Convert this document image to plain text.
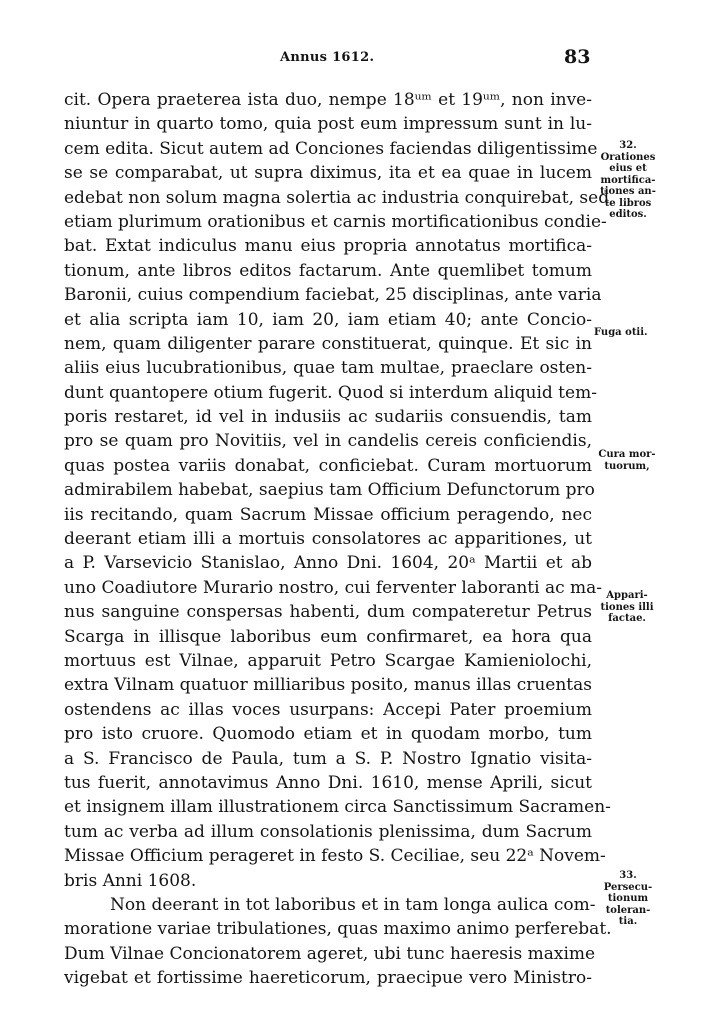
Annus 1612.	83
cit. Opera praeterea ista duo, nempe 18ᵘᵐ et 19ᵘᵐ, non inve-
niuntur in quarto tomo, quia post eum impressum sunt in lu-
cem edita. Sicut autem ad Conciones faciendas diligentissime
se se comparabat, ut supra diximus, ita et ea quae in lucem
edebat non solum magna solertia ac industria conquirebat, sed
etiam plurimum orationibus et carnis mortificationibus condie-
bat. Extat indiculus manu eius propria annotatus mortifica-
tionum, ante libros editos factarum. Ante quemlibet tomum
Baronii, cuius compendium faciebat, 25 disciplinas, ante varia
et alia scripta iam 10, iam 20, iam etiam 40; ante Concio-
nem, quam diligenter parare constituerat, quinque. Et sic in
aliis eius lucubrationibus, quae tam multae, praeclare osten-
dunt quantopere otium fugerit. Quod si interdum aliquid tem-
poris restaret, id vel in indusiis ac sudariis consuendis, tam
pro se quam pro Novitiis, vel in candelis cereis conficiendis,
quas postea variis donabat, conficiebat. Curam mortuorum
admirabilem habebat, saepius tam Officium Defunctorum pro
iis recitando, quam Sacrum Missae officium peragendo, nec
deerant etiam illi a mortuis consolatores ac apparitiones, ut
a P. Varsevicio Stanislao, Anno Dni. 1604, 20ᵃ Martii et ab
uno Coadiutore Murario nostro, cui ferventer laboranti ac ma-
nus sanguine conspersas habenti, dum compateretur Petrus
Scarga in illisque laboribus eum confirmaret, ea hora qua
mortuus est Vilnae, apparuit Petro Scargae Kamieniolochi,
extra Vilnam quatuor milliaribus posito, manus illas cruentas
ostendens ac illas voces usurpans: Accepi Pater proemium
pro isto cruore. Quomodo etiam et in quodam morbo, tum
a S. Francisco de Paula, tum a S. P. Nostro Ignatio visita-
tus fuerit, annotavimus Anno Dni. 1610, mense Aprili, sicut
et insignem illam illustrationem circa Sanctissimum Sacramen-
tum ac verba ad illum consolationis plenissima, dum Sacrum
Missae Officium perageret in festo S. Ceciliae, seu 22ᵃ Novem-
bris Anni 1608.
Non deerant in tot laboribus et in tam longa aulica com-
moratione variae tribulationes, quas maximo animo perferebat.
Dum Vilnae Concionatorem ageret, ubi tunc haeresis maxime
vigebat et fortissime haereticorum, praecipue vero Ministro-
32.
Orationes
eius et
mortifica-
tiones an-
te libros
editos.
Fuga otii.
Cura mor-
tuorum,
Appari-
tiones illi
factae.
33.
Persecu-
tionum
toleran-
tia.
